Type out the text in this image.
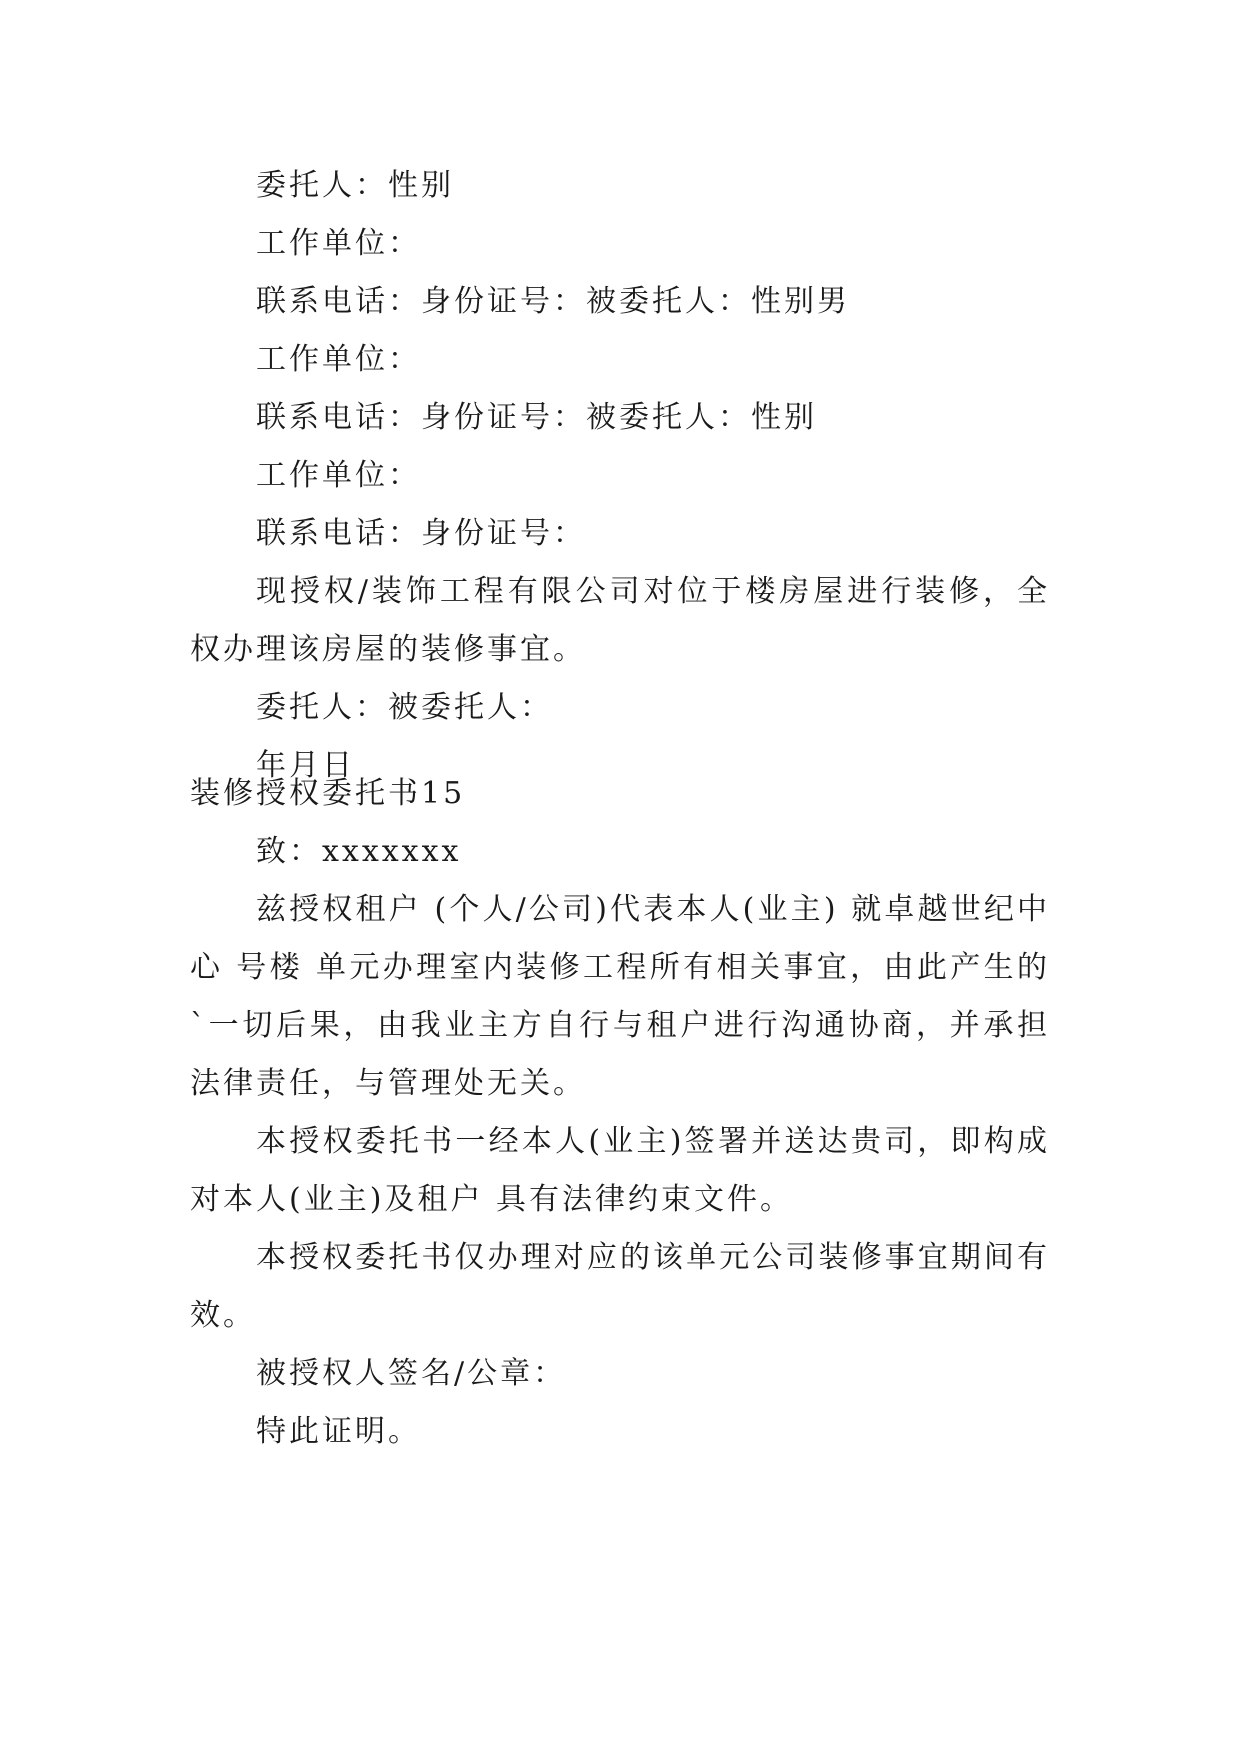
委托人：性别
工作单位：
联系电话：身份证号：被委托人：性别男
工作单位：
联系电话：身份证号：被委托人：性别
工作单位：
联系电话：身份证号：
现授权/装饰工程有限公司对位于楼房屋进行装修，全权办理该房屋的装修事宜。
委托人：被委托人：
年月日
装修授权委托书15
致：xxxxxxx
兹授权租户 (个人/公司)代表本人(业主) 就卓越世纪中心 号楼 单元办理室内装修工程所有相关事宜，由此产生的`一切后果，由我业主方自行与租户进行沟通协商，并承担法律责任，与管理处无关。
本授权委托书一经本人(业主)签署并送达贵司，即构成对本人(业主)及租户 具有法律约束文件。
本授权委托书仅办理对应的该单元公司装修事宜期间有效。
被授权人签名/公章：
特此证明。
